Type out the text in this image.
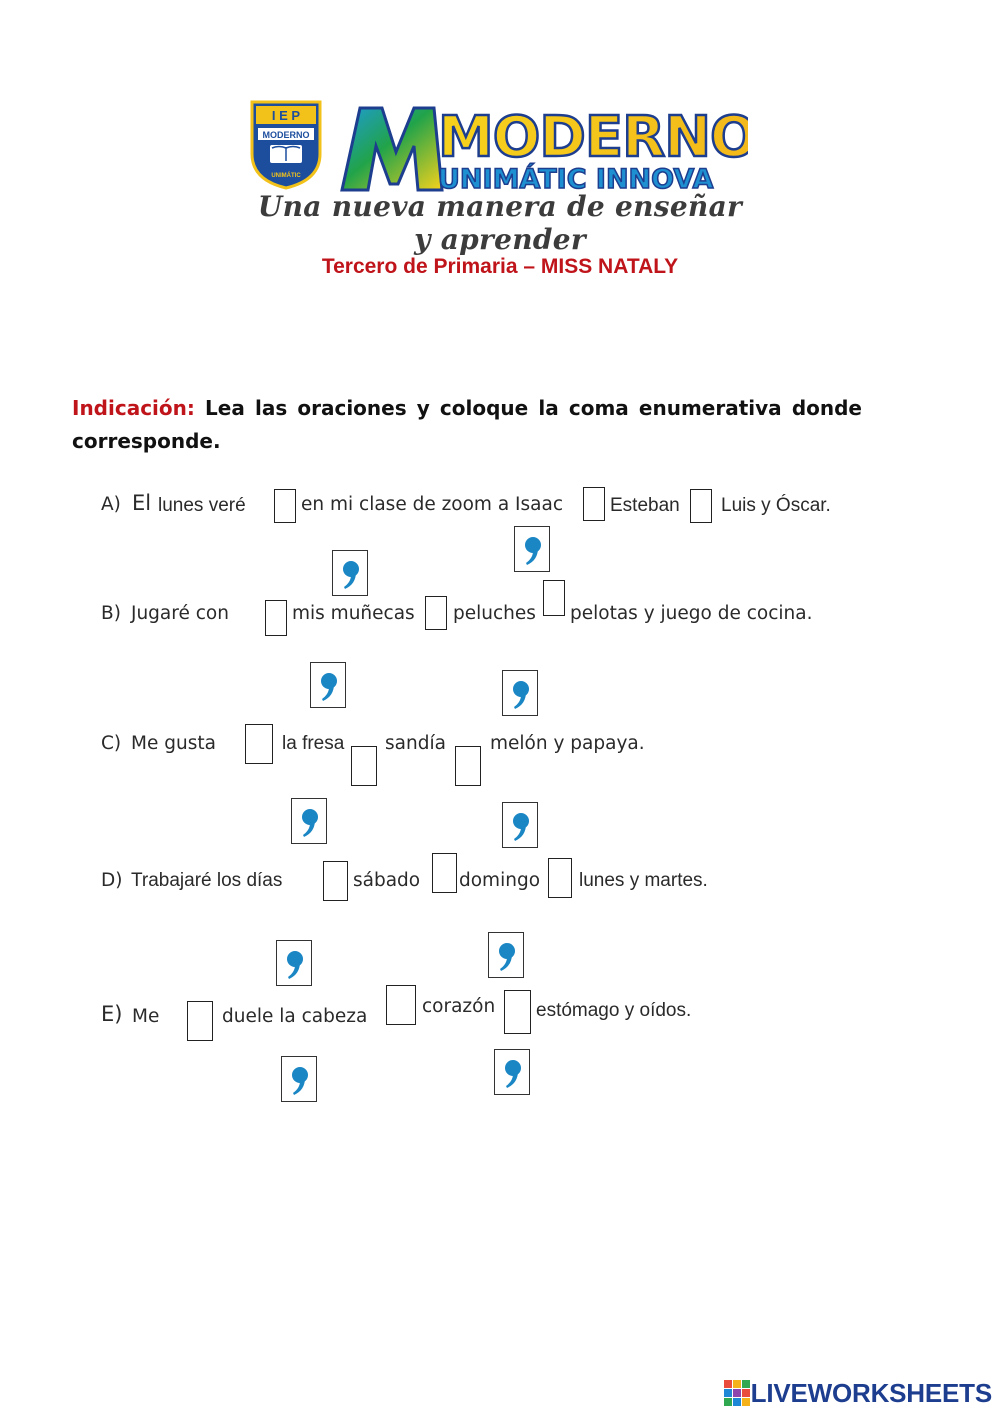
I E P
MODERNO
UNIMÁTIC
MODERNO
UNIMÁTIC INNOVA
Una nueva manera de enseñar y aprender
Tercero de Primaria – MISS NATALY
Indicación: Lea las oraciones y coloque la coma enumerativa donde corresponde.
A) El lunes veré	en mi clase de zoom a Isaac Esteban Luis y Óscar.
B) Jugaré con	mis muñecas peluches pelotas y juego de cocina.
C) Me gusta	la fresa sandía melón y papaya.
D) Trabajaré los días	sábado domingo lunes y martes.
E) Me	duele la cabeza	corazón estómago y oídos.
LIVEWORKSHEETS
